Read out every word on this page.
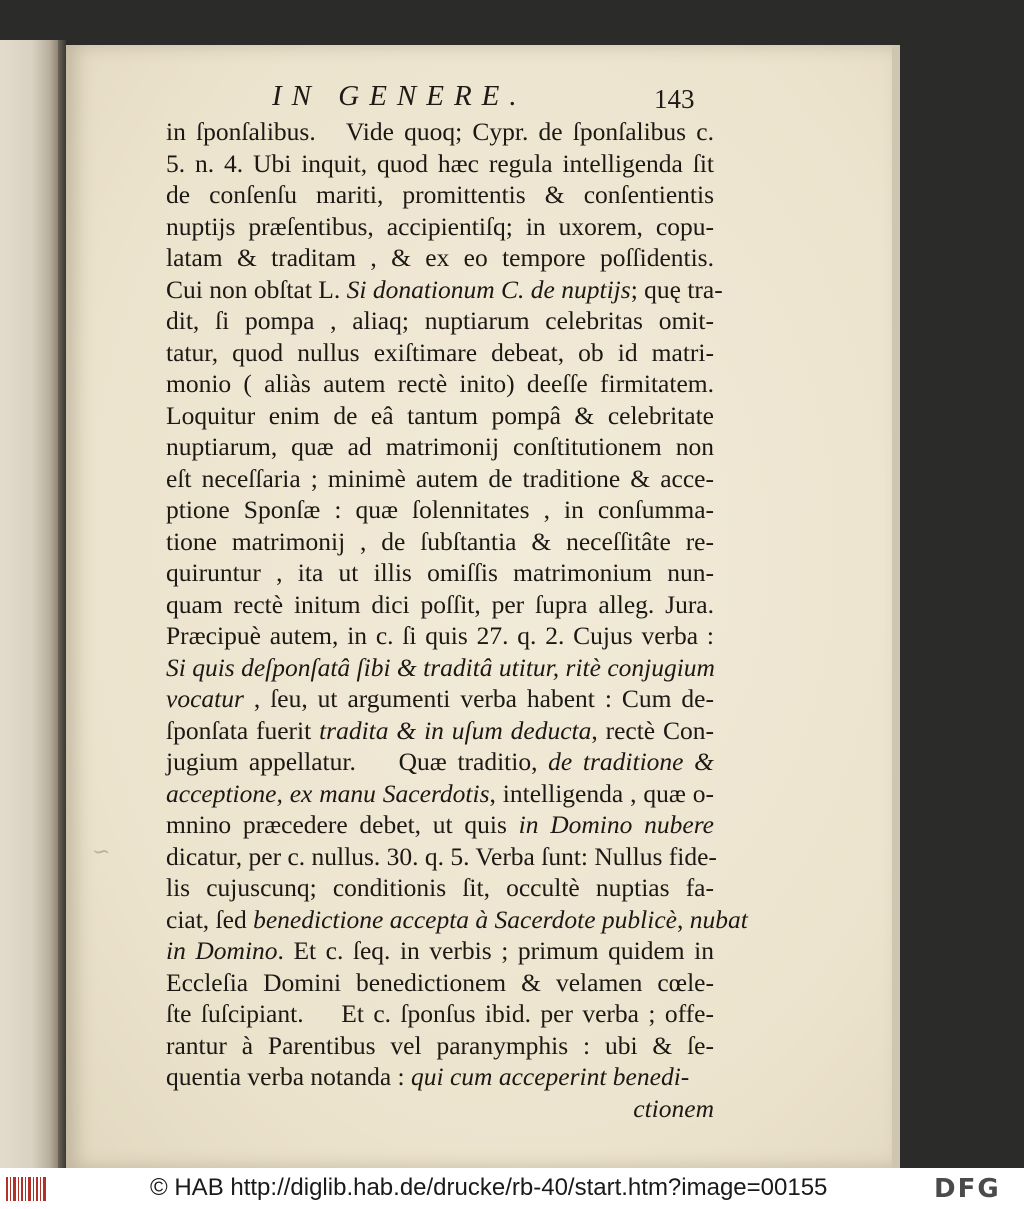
~
IN GENERE.	143
in ſponſalibus.   Vide quoq; Cypr. de ſponſalibus c.
5. n. 4. Ubi inquit, quod hæc regula intelligenda ſit
de conſenſu mariti, promittentis & conſentientis
nuptijs præſentibus, accipientiſq; in uxorem, copu-
latam & traditam , & ex eo tempore poſſidentis.
Cui non obſtat L. Si donationum C. de nuptijs; quę tra-
dit, ſi pompa , aliaq; nuptiarum celebritas omit-
tatur, quod nullus exiſtimare debeat, ob id matri-
monio ( aliàs autem rectè inito) deeſſe firmitatem.
Loquitur enim de eâ tantum pompâ & celebritate
nuptiarum, quæ ad matrimonij conſtitutionem non
eſt neceſſaria ; minimè autem de traditione & acce-
ptione Sponſæ : quæ ſolennitates , in conſumma-
tione matrimonij , de ſubſtantia & neceſſitâte re-
quiruntur , ita ut illis omiſſis matrimonium nun-
quam rectè initum dici poſſit, per ſupra alleg. Jura.
Præcipuè autem, in c. ſi quis 27. q. 2. Cujus verba :
Si quis deſponſatâ ſibi & traditâ utitur, ritè conjugium
vocatur , ſeu, ut argumenti verba habent : Cum de-
ſponſata fuerit tradita & in uſum deducta, rectè Con-
jugium appellatur.    Quæ traditio, de traditione &
acceptione, ex manu Sacerdotis, intelligenda , quæ o-
mnino præcedere debet, ut quis in Domino nubere
dicatur, per c. nullus. 30. q. 5. Verba ſunt: Nullus fide-
lis cujuscunq; conditionis ſit, occultè nuptias fa-
ciat, ſed benedictione accepta à Sacerdote publicè, nubat
in Domino. Et c. ſeq. in verbis ; primum quidem in
Eccleſia Domini benedictionem & velamen cœle-
ſte ſuſcipiant.    Et c. ſponſus ibid. per verba ; offe-
rantur à Parentibus vel paranymphis : ubi & ſe-
quentia verba notanda : qui cum acceperint benedi-
ctionem
© HAB http://diglib.hab.de/drucke/rb-40/start.htm?image=00155	DFG
